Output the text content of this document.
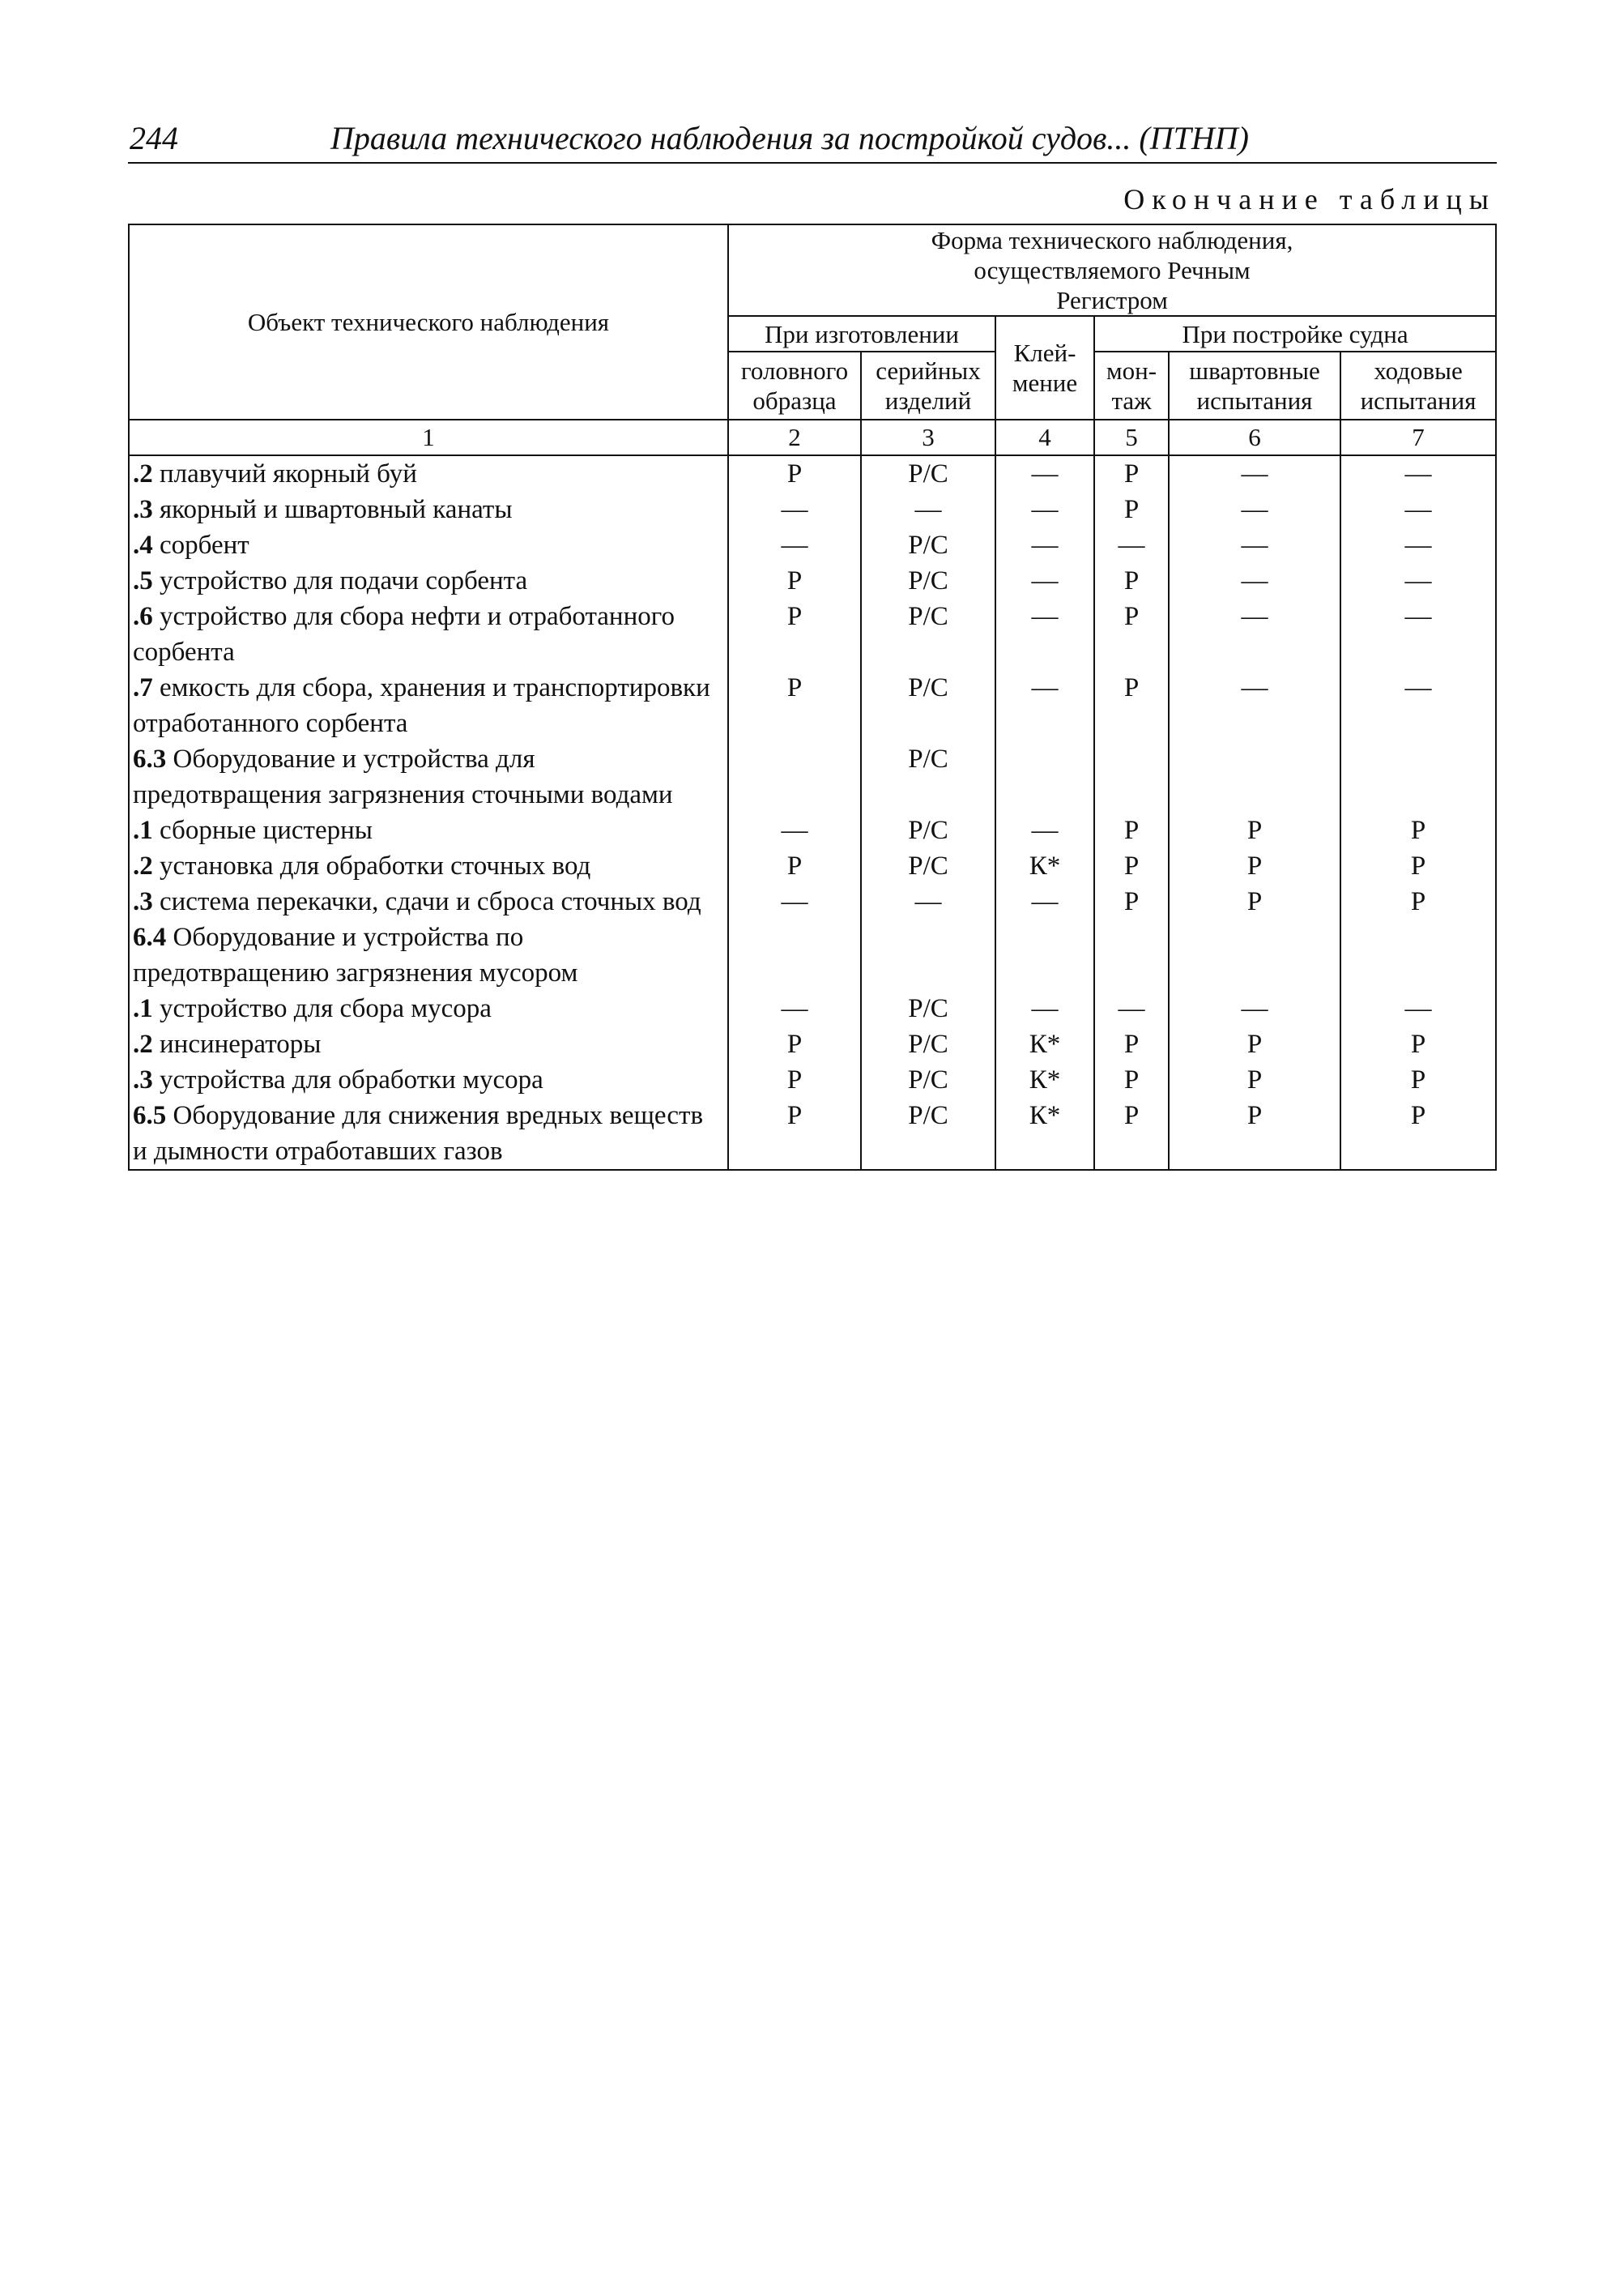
244	Правила технического наблюдения за постройкой судов... (ПТНП)
Окончание таблицы
Объект технического наблюдения	Форма технического наблюдения, осуществляемого Речным Регистром					
	При изготовлении		Клей-мение	При постройке судна		
	головного образца	серийных изделий		мон-таж	швартовные испытания	ходовые испытания
1	2	3	4	5	6	7
.2 плавучий якорный буй	Р	Р/С	—	Р	—	—
.3 якорный и швартовный канаты	—	—	—	Р	—	—
.4 сорбент	—	Р/С	—	—	—	—
.5 устройство для подачи сорбента	Р	Р/С	—	Р	—	—
.6 устройство для сбора нефти и отработанного сорбента	Р	Р/С	—	Р	—	—
.7 емкость для сбора, хранения и транспортировки отработанного сорбента	Р	Р/С	—	Р	—	—
6.3 Оборудование и устройства для предотвращения загрязнения сточными водами		Р/С				
.1 сборные цистерны	—	Р/С	—	Р	Р	Р
.2 установка для обработки сточных вод	Р	Р/С	К*	Р	Р	Р
.3 система перекачки, сдачи и сброса сточных вод	—	—	—	Р	Р	Р
6.4 Оборудование и устройства по предотвращению загрязнения мусором						
.1 устройство для сбора мусора	—	Р/С	—	—	—	—
.2 инсинераторы	Р	Р/С	К*	Р	Р	Р
.3 устройства для обработки мусора	Р	Р/С	К*	Р	Р	Р
6.5 Оборудование для снижения вредных веществ и дымности отработавших газов	Р	Р/С	К*	Р	Р	Р
